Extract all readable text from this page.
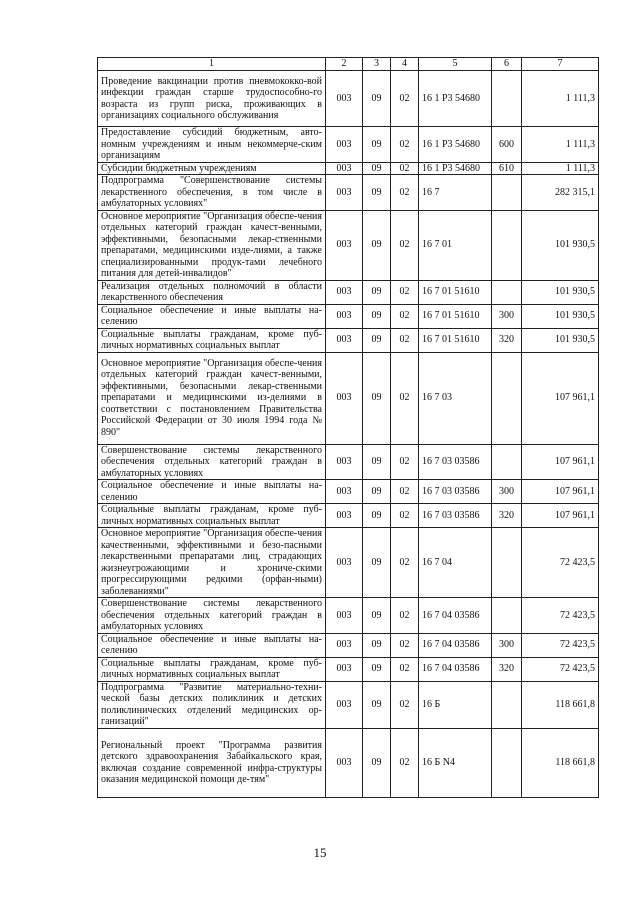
1	2	3	4	5	6	7
Проведение вакцинации против пневмококко-вой инфекции граждан старше трудоспособно-го возраста из групп риска, проживающих в организациях социального обслуживания	003	09	02	16 1 P3 54680		1 111,3
Предоставление субсидий бюджетным, авто-номным учреждениям и иным некоммерче-ским организациям	003	09	02	16 1 P3 54680	600	1 111,3
Субсидии бюджетным учреждениям	003	09	02	16 1 P3 54680	610	1 111,3
Подпрограмма "Совершенствование системы лекарственного обеспечения, в том числе в амбулаторных условиях"	003	09	02	16 7		282 315,1
Основное мероприятие "Организация обеспе-чения отдельных категорий граждан качест-венными, эффективными, безопасными лекар-ственными препаратами, медицинскими изде-лиями, а также специализированными продук-тами лечебного питания для детей-инвалидов"	003	09	02	16 7 01		101 930,5
Реализация отдельных полномочий в области лекарственного обеспечения	003	09	02	16 7 01 51610		101 930,5
Социальное обеспечение и иные выплаты на-селению	003	09	02	16 7 01 51610	300	101 930,5
Социальные выплаты гражданам, кроме пуб-личных нормативных социальных выплат	003	09	02	16 7 01 51610	320	101 930,5
Основное мероприятие "Организация обеспе-чения отдельных категорий граждан качест-венными, эффективными, безопасными лекар-ственными препаратами и медицинскими из-делиями в соответствии с постановлением Правительства Российской Федерации от 30 июля 1994 года № 890"	003	09	02	16 7 03		107 961,1
Совершенствование системы лекарственного обеспечения отдельных категорий граждан в амбулаторных условиях	003	09	02	16 7 03 03586		107 961,1
Социальное обеспечение и иные выплаты на-селению	003	09	02	16 7 03 03586	300	107 961,1
Социальные выплаты гражданам, кроме пуб-личных нормативных социальных выплат	003	09	02	16 7 03 03586	320	107 961,1
Основное мероприятие "Организация обеспе-чения качественными, эффективными и безо-пасными лекарственными препаратами лиц, страдающих жизнеугрожающими и хрониче-скими прогрессирующими редкими (орфан-ными) заболеваниями"	003	09	02	16 7 04		72 423,5
Совершенствование системы лекарственного обеспечения отдельных категорий граждан в амбулаторных условиях	003	09	02	16 7 04 03586		72 423,5
Социальное обеспечение и иные выплаты на-селению	003	09	02	16 7 04 03586	300	72 423,5
Социальные выплаты гражданам, кроме пуб-личных нормативных социальных выплат	003	09	02	16 7 04 03586	320	72 423,5
Подпрограмма "Развитие материально-техни-ческой базы детских поликлиник и детских поликлинических отделений медицинских ор-ганизаций"	003	09	02	16 Б		118 661,8
Региональный проект "Программа развития детского здравоохранения Забайкальского края, включая создание современной инфра-структуры оказания медицинской помощи де-тям"	003	09	02	16 Б N4		118 661,8
15
